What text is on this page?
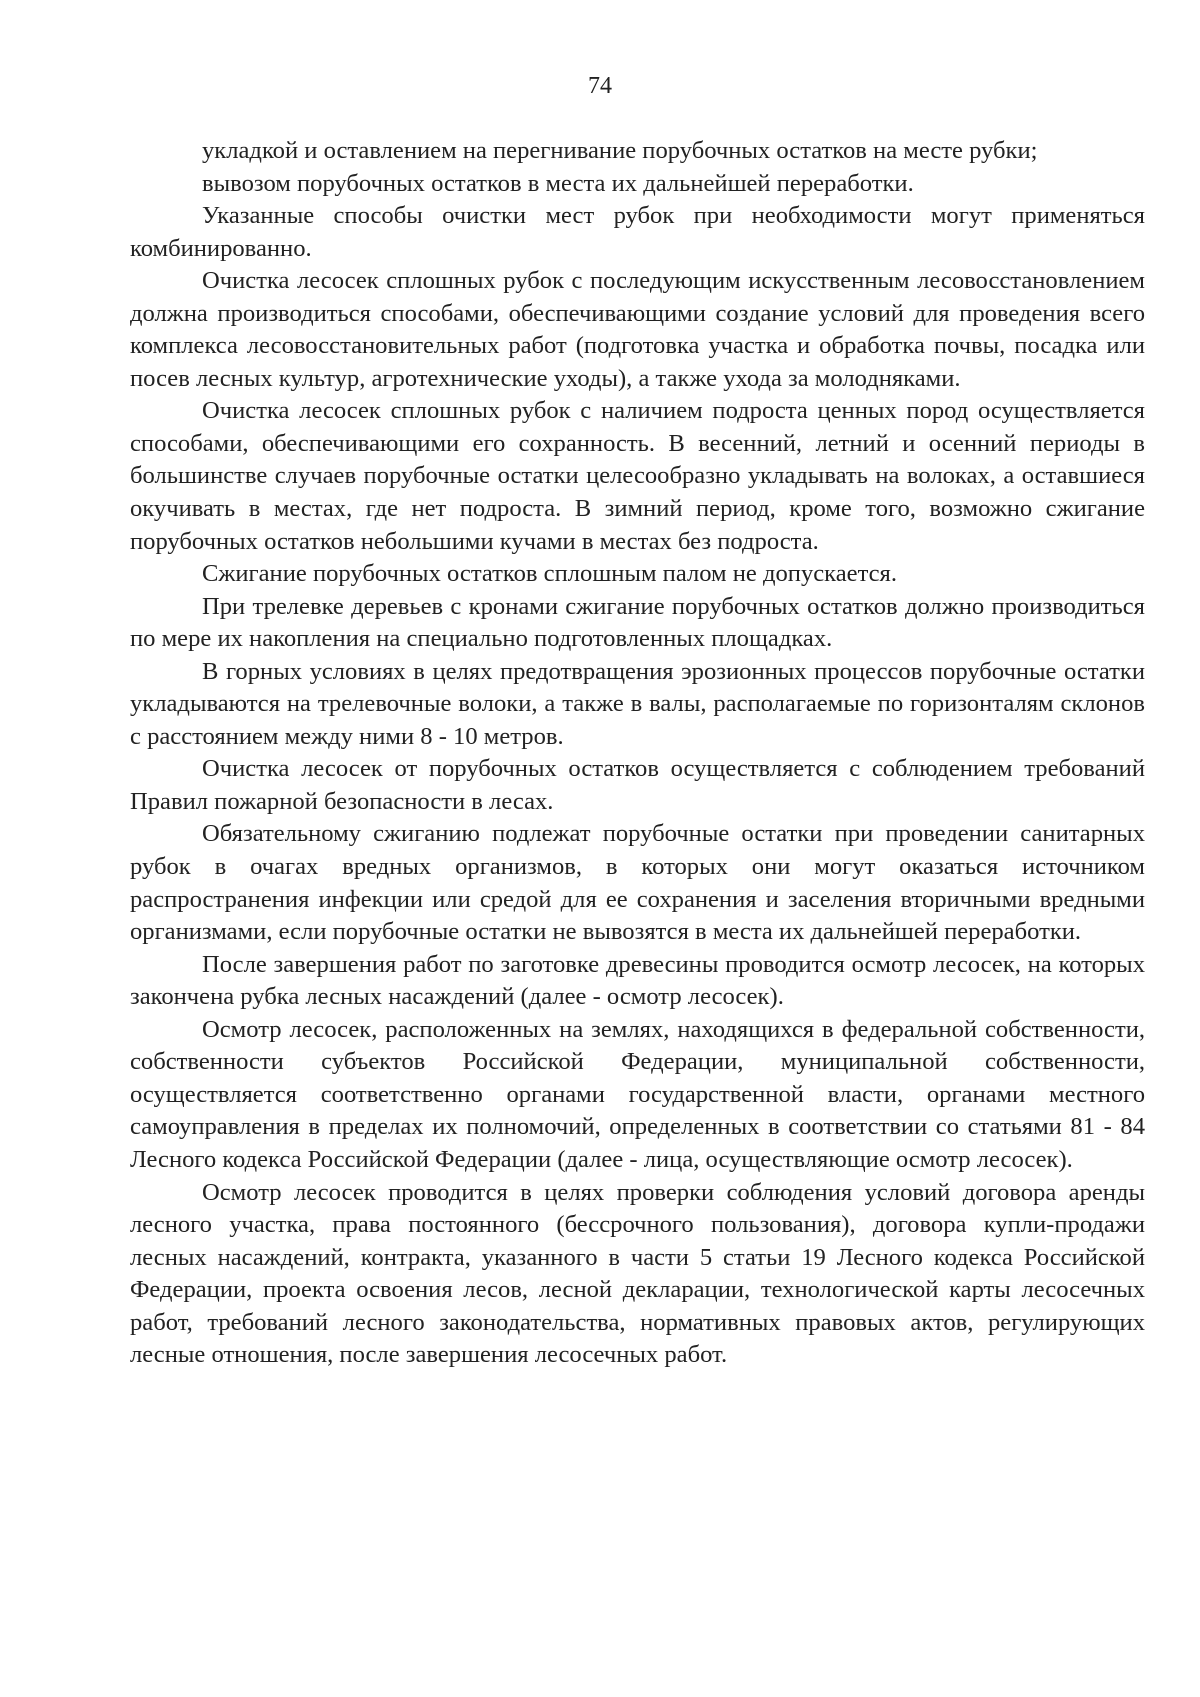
74

укладкой и оставлением на перегнивание порубочных остатков на месте рубки;

вывозом порубочных остатков в места их дальнейшей переработки.

Указанные способы очистки мест рубок при необходимости могут применяться комбинированно.

Очистка лесосек сплошных рубок с последующим искусственным лесовосстановлением должна производиться способами, обеспечивающими создание условий для проведения всего комплекса лесовосстановительных работ (подготовка участка и обработка почвы, посадка или посев лесных культур, агротехнические уходы), а также ухода за молодняками.

Очистка лесосек сплошных рубок с наличием подроста ценных пород осуществляется способами, обеспечивающими его сохранность. В весенний, летний и осенний периоды в большинстве случаев порубочные остатки целесообразно укладывать на волоках, а оставшиеся окучивать в местах, где нет подроста. В зимний период, кроме того, возможно сжигание порубочных остатков небольшими кучами в местах без подроста.

Сжигание порубочных остатков сплошным палом не допускается.

При трелевке деревьев с кронами сжигание порубочных остатков должно производиться по мере их накопления на специально подготовленных площадках.

В горных условиях в целях предотвращения эрозионных процессов порубочные остатки укладываются на трелевочные волоки, а также в валы, располагаемые по горизонталям склонов с расстоянием между ними 8 - 10 метров.

Очистка лесосек от порубочных остатков осуществляется с соблюдением требований Правил пожарной безопасности в лесах.

Обязательному сжиганию подлежат порубочные остатки при проведении санитарных рубок в очагах вредных организмов, в которых они могут оказаться источником распространения инфекции или средой для ее сохранения и заселения вторичными вредными организмами, если порубочные остатки не вывозятся в места их дальнейшей переработки.

После завершения работ по заготовке древесины проводится осмотр лесосек, на которых закончена рубка лесных насаждений (далее - осмотр лесосек).

Осмотр лесосек, расположенных на землях, находящихся в федеральной собственности, собственности субъектов Российской Федерации, муниципальной собственности, осуществляется соответственно органами государственной власти, органами местного самоуправления в пределах их полномочий, определенных в соответствии со статьями 81 - 84 Лесного кодекса Российской Федерации (далее - лица, осуществляющие осмотр лесосек).

Осмотр лесосек проводится в целях проверки соблюдения условий договора аренды лесного участка, права постоянного (бессрочного пользования), договора купли-продажи лесных насаждений, контракта, указанного в части 5 статьи 19 Лесного кодекса Российской Федерации, проекта освоения лесов, лесной декларации, технологической карты лесосечных работ, требований лесного законодательства, нормативных правовых актов, регулирующих лесные отношения, после завершения лесосечных работ.
